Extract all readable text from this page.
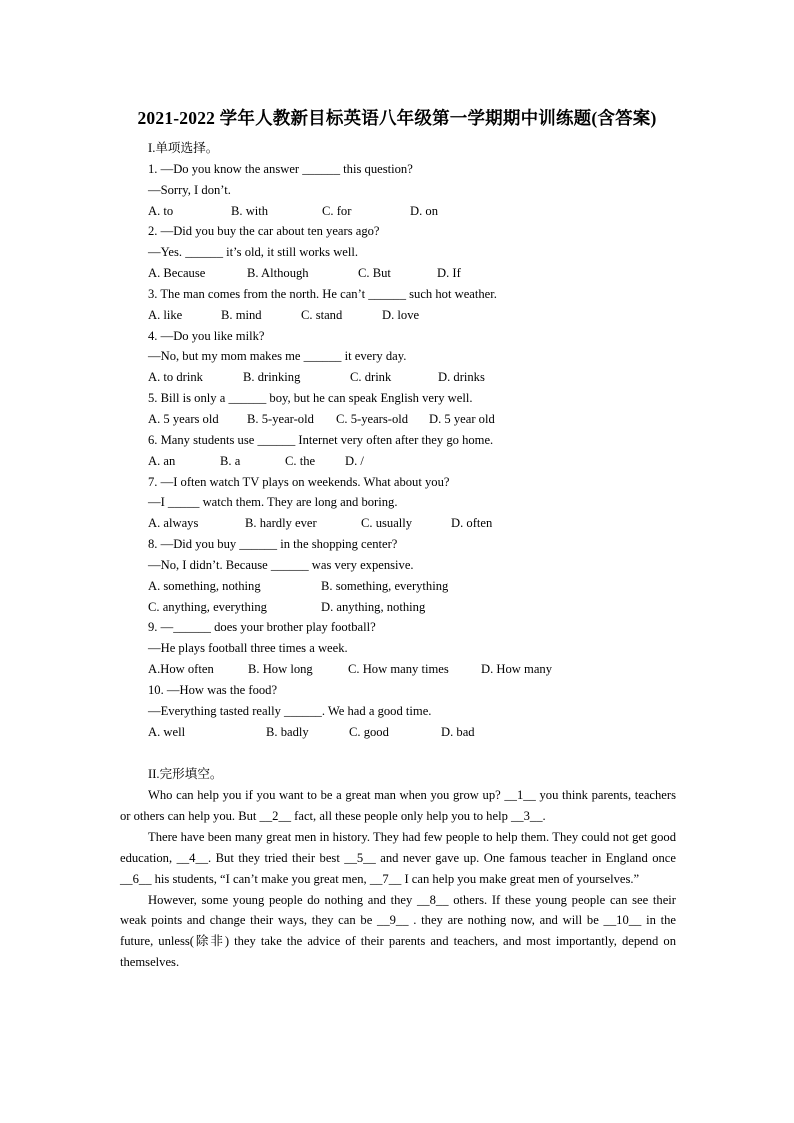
2021-2022 学年人教新目标英语八年级第一学期期中训练题(含答案)
I.单项选择。
1. —Do you know the answer ______ this question?
—Sorry, I don’t.
A. to	B. with	C. for	D. on
2. —Did you buy the car about ten years ago?
—Yes. ______ it’s old, it still works well.
A. Because	B. Although	C. But	D. If
3. The man comes from the north. He can’t ______ such hot weather.
A. like	B. mind	C. stand	D. love
4. —Do you like milk?
—No, but my mom makes me ______ it every day.
A. to drink	B. drinking	C. drink	D. drinks
5. Bill is only a ______ boy, but he can speak English very well.
A. 5 years old B. 5-year-old C. 5-years-old D. 5 year old
6. Many students use ______ Internet very often after they go home.
A. an	B. a	C. the D. /
7. —I often watch TV plays on weekends. What about you?
—I _____ watch them. They are long and boring.
A. always	B. hardly ever	C. usually	D. often
8. —Did you buy ______ in the shopping center?
—No, I didn’t. Because ______ was very expensive.
A. something, nothing	B. something, everything
C. anything, everything	D. anything, nothing
9. —______ does your brother play football?
—He plays football three times a week.
A.How often	B. How long	C. How many times	D. How many
10. —How was the food?
—Everything tasted really ______. We had a good time.
A. well	B. badly	C. good	D. bad
II.完形填空。

Who can help you if you want to be a great man when you grow up? __1__ you think parents, teachers or others can help you. But __2__ fact, all these people only help you to help __3__.

There have been many great men in history. They had few people to help them. They could not get good education, __4__. But they tried their best __5__ and never gave up. One famous teacher in England once __6__ his students, “I can’t make you great men, __7__ I can help you make great men of yourselves.”

However, some young people do nothing and they __8__ others. If these young people can see their weak points and change their ways, they can be __9__ . they are nothing now, and will be __10__ in the future, unless(除非) they take the advice of their parents and teachers, and most importantly, depend on themselves.
